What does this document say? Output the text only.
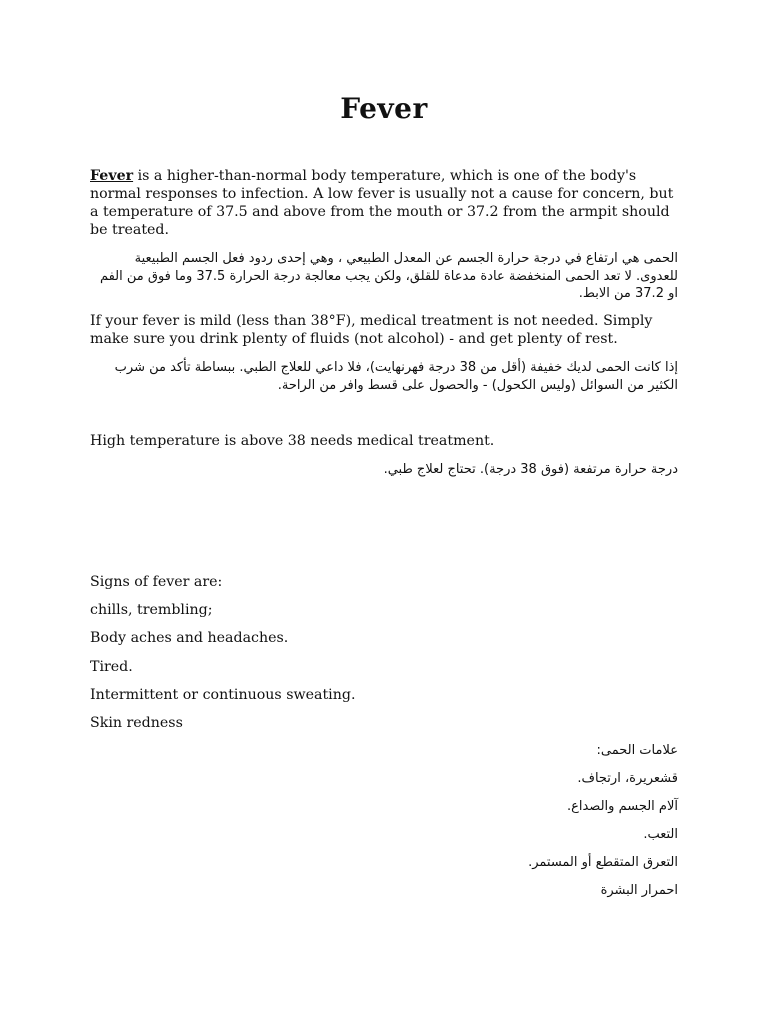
Fever

Fever is a higher-than-normal body temperature, which is one of the body's normal responses to infection. A low fever is usually not a cause for concern, but a temperature of 37.5 and above from the mouth or 37.2 from the armpit should be treated.

الحمى هي ارتفاع في درجة حرارة الجسم عن المعدل الطبيعي ، وهي إحدى ردود فعل الجسم الطبيعية للعدوى. لا تعد الحمى المنخفضة عادة مدعاة للقلق، ولكن يجب معالجة درجة الحرارة 37.5 وما فوق من الفم او 37.2 من الابط.

If your fever is mild (less than 38°F), medical treatment is not needed. Simply make sure you drink plenty of fluids (not alcohol) - and get plenty of rest.

إذا كانت الحمى لديك خفيفة (أقل من 38 درجة فهرنهايت)، فلا داعي للعلاج الطبي. ببساطة تأكد من شرب الكثير من السوائل (وليس الكحول) - والحصول على قسط وافر من الراحة.

High temperature is above 38 needs medical treatment.

درجة حرارة مرتفعة (فوق 38 درجة). تحتاج لعلاج طبي.

Signs of fever are:

chills, trembling;

Body aches and headaches.

Tired.

Intermittent or continuous sweating.

Skin redness

علامات الحمى:

قشعريرة، ارتجاف.

آلام الجسم والصداع.

التعب.

التعرق المتقطع أو المستمر.

احمرار البشرة
